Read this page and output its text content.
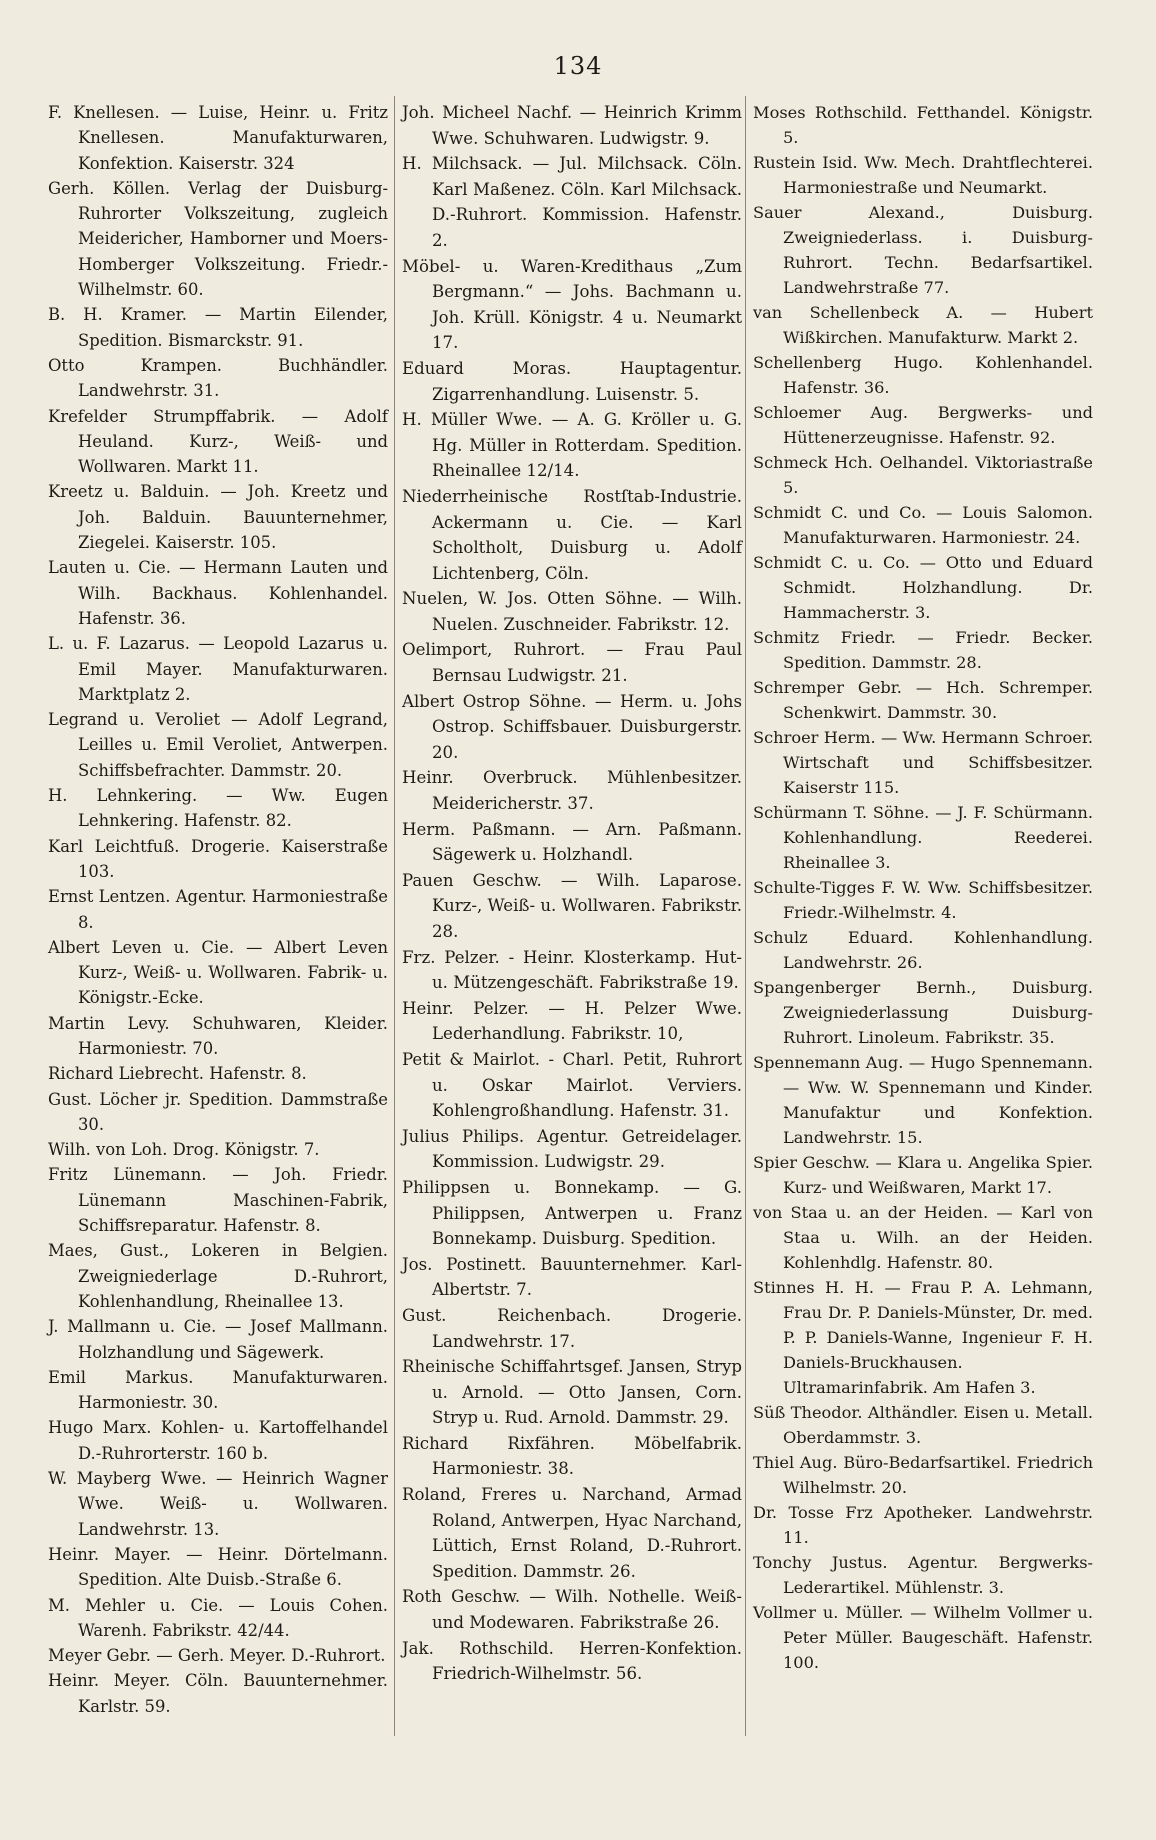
134

F. Knellesen. — Luise, Heinr. u. Fritz Knellesen. Manufakturwaren, Konfektion. Kaiserstr. 324

Gerh. Köllen. Verlag der Duisburg-Ruhrorter Volkszeitung, zugleich Meidericher, Hamborner und Moers-Homberger Volkszeitung. Friedr.-Wilhelmstr. 60.

B. H. Kramer. — Martin Eilender, Spedition. Bismarckstr. 91.

Otto Krampen. Buchhändler. Landwehrstr. 31.

Krefelder Strumpffabrik. — Adolf Heuland. Kurz-, Weiß- und Wollwaren. Markt 11.

Kreetz u. Balduin. — Joh. Kreetz und Joh. Balduin. Bauunternehmer, Ziegelei. Kaiserstr. 105.

Lauten u. Cie. — Hermann Lauten und Wilh. Backhaus. Kohlenhandel. Hafenstr. 36.

L. u. F. Lazarus. — Leopold Lazarus u. Emil Mayer. Manufakturwaren. Marktplatz 2.

Legrand u. Veroliet — Adolf Legrand, Leilles u. Emil Veroliet, Antwerpen. Schiffsbefrachter. Dammstr. 20.

H. Lehnkering. — Ww. Eugen Lehnkering. Hafenstr. 82.

Karl Leichtfuß. Drogerie. Kaiserstraße 103.

Ernst Lentzen. Agentur. Harmoniestraße 8.

Albert Leven u. Cie. — Albert Leven Kurz-, Weiß- u. Wollwaren. Fabrik- u. Königstr.-Ecke.

Martin Levy. Schuhwaren, Kleider. Harmoniestr. 70.

Richard Liebrecht. Hafenstr. 8.

Gust. Löcher jr. Spedition. Dammstraße 30.

Wilh. von Loh. Drog. Königstr. 7.

Fritz Lünemann. — Joh. Friedr. Lünemann Maschinen-Fabrik, Schiffsreparatur. Hafenstr. 8.

Maes, Gust., Lokeren in Belgien. Zweigniederlage D.-Ruhrort, Kohlenhandlung, Rheinallee 13.

J. Mallmann u. Cie. — Josef Mallmann. Holzhandlung und Sägewerk.

Emil Markus. Manufakturwaren. Harmoniestr. 30.

Hugo Marx. Kohlen- u. Kartoffelhandel D.-Ruhrorterstr. 160 b.

W. Mayberg Wwe. — Heinrich Wagner Wwe. Weiß- u. Wollwaren. Landwehrstr. 13.

Heinr. Mayer. — Heinr. Dörtelmann. Spedition. Alte Duisb.-Straße 6.

M. Mehler u. Cie. — Louis Cohen. Warenh. Fabrikstr. 42/44.

Meyer Gebr. — Gerh. Meyer. D.-Ruhrort.

Heinr. Meyer. Cöln. Bauunternehmer. Karlstr. 59.

Joh. Micheel Nachf. — Heinrich Krimm Wwe. Schuhwaren. Ludwigstr. 9.

H. Milchsack. — Jul. Milchsack. Cöln. Karl Maßenez. Cöln. Karl Milchsack. D.-Ruhrort. Kommission. Hafenstr. 2.

Möbel- u. Waren-Kredithaus „Zum Bergmann.“ — Johs. Bachmann u. Joh. Krüll. Königstr. 4 u. Neumarkt 17.

Eduard Moras. Hauptagentur. Zigarrenhandlung. Luisenstr. 5.

H. Müller Wwe. — A. G. Kröller u. G. Hg. Müller in Rotterdam. Spedition. Rheinallee 12/14.

Niederrheinische Rostſtab-Industrie. Ackermann u. Cie. — Karl Scholtholt, Duisburg u. Adolf Lichtenberg, Cöln.

Nuelen, W. Jos. Otten Söhne. — Wilh. Nuelen. Zuschneider. Fabrikstr. 12.

Oelimport, Ruhrort. — Frau Paul Bernsau Ludwigstr. 21.

Albert Ostrop Söhne. — Herm. u. Johs Ostrop. Schiffsbauer. Duisburgerstr. 20.

Heinr. Overbruck. Mühlenbesitzer. Meidericherstr. 37.

Herm. Paßmann. — Arn. Paßmann. Sägewerk u. Holzhandl.

Pauen Geschw. — Wilh. Laparose. Kurz-, Weiß- u. Wollwaren. Fabrikstr. 28.

Frz. Pelzer. - Heinr. Klosterkamp. Hut- u. Mützengeschäft. Fabrikstraße 19.

Heinr. Pelzer. — H. Pelzer Wwe. Lederhandlung. Fabrikstr. 10,

Petit & Mairlot. - Charl. Petit, Ruhrort u. Oskar Mairlot. Verviers. Kohlengroßhandlung. Hafenstr. 31.

Julius Philips. Agentur. Getreidelager. Kommission. Ludwigstr. 29.

Philippsen u. Bonnekamp. — G. Philippsen, Antwerpen u. Franz Bonnekamp. Duisburg. Spedition.

Jos. Postinett. Bauunternehmer. Karl-Albertstr. 7.

Gust. Reichenbach. Drogerie. Landwehrstr. 17.

Rheinische Schiffahrtsgef. Jansen, Stryp u. Arnold. — Otto Jansen, Corn. Stryp u. Rud. Arnold. Dammstr. 29.

Richard Rixfähren. Möbelfabrik. Harmoniestr. 38.

Roland, Freres u. Narchand, Armad Roland, Antwerpen, Hyac Narchand, Lüttich, Ernst Roland, D.-Ruhrort. Spedition. Dammstr. 26.

Roth Geschw. — Wilh. Nothelle. Weiß- und Modewaren. Fabrikstraße 26.

Jak. Rothschild. Herren-Konfektion. Friedrich-Wilhelmstr. 56.

Moses Rothschild. Fetthandel. Königstr. 5.

Rustein Isid. Ww. Mech. Drahtflechterei. Harmoniestraße und Neumarkt.

Sauer Alexand., Duisburg. Zweigniederlass. i. Duisburg-Ruhrort. Techn. Bedarfsartikel. Landwehrstraße 77.

van Schellenbeck A. — Hubert Wißkirchen. Manufakturw. Markt 2.

Schellenberg Hugo. Kohlenhandel. Hafenstr. 36.

Schloemer Aug. Bergwerks- und Hüttenerzeugnisse. Hafenstr. 92.

Schmeck Hch. Oelhandel. Viktoriastraße 5.

Schmidt C. und Co. — Louis Salomon. Manufakturwaren. Harmoniestr. 24.

Schmidt C. u. Co. — Otto und Eduard Schmidt. Holzhandlung. Dr. Hammacherstr. 3.

Schmitz Friedr. — Friedr. Becker. Spedition. Dammstr. 28.

Schremper Gebr. — Hch. Schremper. Schenkwirt. Dammstr. 30.

Schroer Herm. — Ww. Hermann Schroer. Wirtschaft und Schiffsbesitzer. Kaiserstr 115.

Schürmann T. Söhne. — J. F. Schürmann. Kohlenhandlung. Reederei. Rheinallee 3.

Schulte-Tigges F. W. Ww. Schiffsbesitzer. Friedr.-Wilhelmstr. 4.

Schulz Eduard. Kohlenhandlung. Landwehrstr. 26.

Spangenberger Bernh., Duisburg. Zweigniederlassung Duisburg-Ruhrort. Linoleum. Fabrikstr. 35.

Spennemann Aug. — Hugo Spennemann. — Ww. W. Spennemann und Kinder. Manufaktur und Konfektion. Landwehrstr. 15.

Spier Geschw. — Klara u. Angelika Spier. Kurz- und Weißwaren, Markt 17.

von Staa u. an der Heiden. — Karl von Staa u. Wilh. an der Heiden. Kohlenhdlg. Hafenstr. 80.

Stinnes H. H. — Frau P. A. Lehmann, Frau Dr. P. Daniels-Münster, Dr. med. P. P. Daniels-Wanne, Ingenieur F. H. Daniels-Bruckhausen. Ultramarinfabrik. Am Hafen 3.

Süß Theodor. Althändler. Eisen u. Metall. Oberdammstr. 3.

Thiel Aug. Büro-Bedarfsartikel. Friedrich Wilhelmstr. 20.

Dr. Tosse Frz Apotheker. Landwehrstr. 11.

Tonchy Justus. Agentur. Bergwerks-Lederartikel. Mühlenstr. 3.

Vollmer u. Müller. — Wilhelm Vollmer u. Peter Müller. Baugeschäft. Hafenstr. 100.
